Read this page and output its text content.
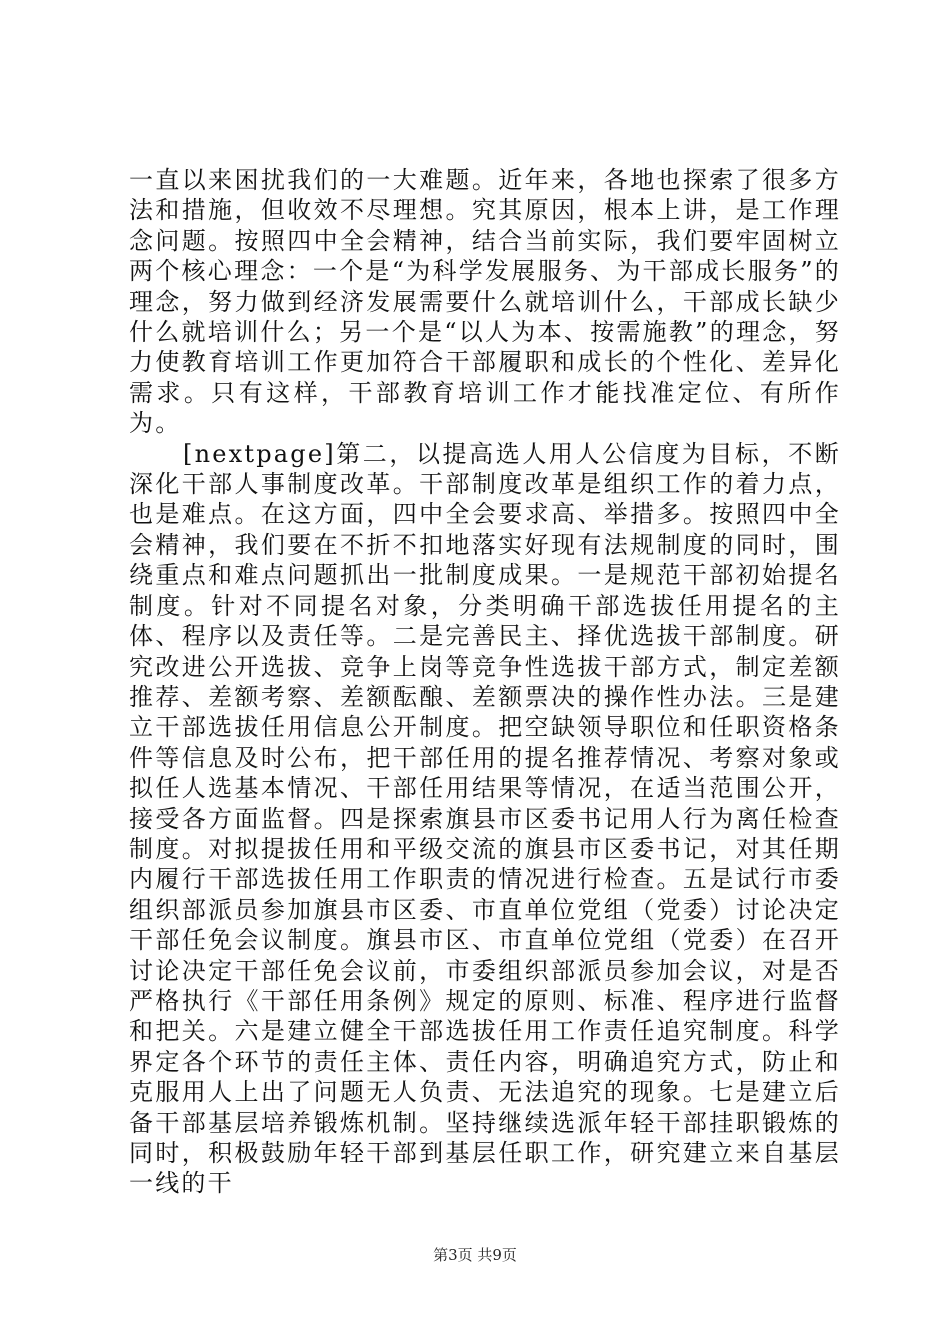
一直以来困扰我们的一大难题。近年来，各地也探索了很多方法和措施，但收效不尽理想。究其原因，根本上讲，是工作理念问题。按照四中全会精神，结合当前实际，我们要牢固树立两个核心理念：一个是“为科学发展服务、为干部成长服务”的理念，努力做到经济发展需要什么就培训什么，干部成长缺少什么就培训什么；另一个是“以人为本、按需施教”的理念，努力使教育培训工作更加符合干部履职和成长的个性化、差异化需求。只有这样，干部教育培训工作才能找准定位、有所作为。

[nextpage]第二，以提高选人用人公信度为目标，不断深化干部人事制度改革。干部制度改革是组织工作的着力点，也是难点。在这方面，四中全会要求高、举措多。按照四中全会精神，我们要在不折不扣地落实好现有法规制度的同时，围绕重点和难点问题抓出一批制度成果。一是规范干部初始提名制度。针对不同提名对象，分类明确干部选拔任用提名的主体、程序以及责任等。二是完善民主、择优选拔干部制度。研究改进公开选拔、竞争上岗等竞争性选拔干部方式，制定差额推荐、差额考察、差额酝酿、差额票决的操作性办法。三是建立干部选拔任用信息公开制度。把空缺领导职位和任职资格条件等信息及时公布，把干部任用的提名推荐情况、考察对象或拟任人选基本情况、干部任用结果等情况，在适当范围公开，接受各方面监督。四是探索旗县市区委书记用人行为离任检查制度。对拟提拔任用和平级交流的旗县市区委书记，对其任期内履行干部选拔任用工作职责的情况进行检查。五是试行市委组织部派员参加旗县市区委、市直单位党组（党委）讨论决定干部任免会议制度。旗县市区、市直单位党组（党委）在召开讨论决定干部任免会议前，市委组织部派员参加会议，对是否严格执行《干部任用条例》规定的原则、标准、程序进行监督和把关。六是建立健全干部选拔任用工作责任追究制度。科学界定各个环节的责任主体、责任内容，明确追究方式，防止和克服用人上出了问题无人负责、无法追究的现象。七是建立后备干部基层培养锻炼机制。坚持继续选派年轻干部挂职锻炼的同时，积极鼓励年轻干部到基层任职工作，研究建立来自基层一线的干

第3页 共9页
